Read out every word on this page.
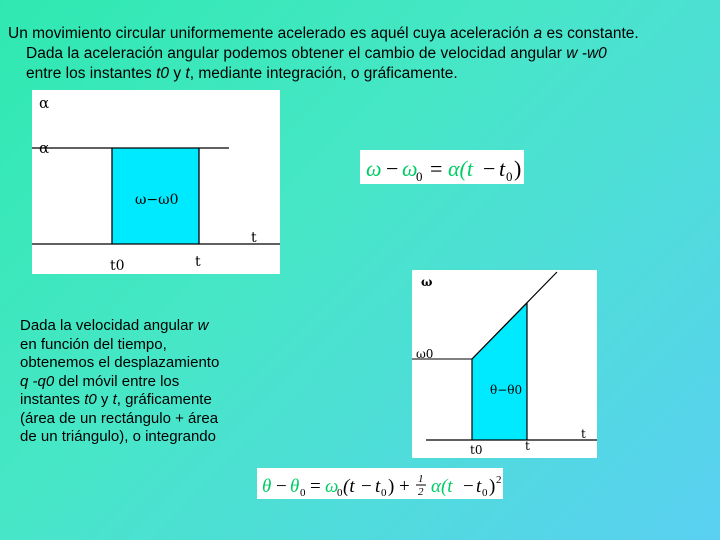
Un movimiento circular uniformemente acelerado es aquél cuya aceleración a es constante.

Dada la aceleración angular podemos obtener el cambio de velocidad angular w -w0

entre los instantes t0 y t, mediante integración, o gráficamente.

α
α
ω−ω0
t
t0	t
ω − ω 0 = α(t − t 0 )

Dada la velocidad angular w en función del tiempo, obtenemos el desplazamiento q -q0 del móvil entre los instantes t0 y t, gráficamente (área de un rectángulo + área de un triángulo), o integrando

ω
ω0
θ−θ0
t
t0	t
θ − θ 0 = ω 0 (t − t 0 ) + α(t − t 0 ) 2
1
2
